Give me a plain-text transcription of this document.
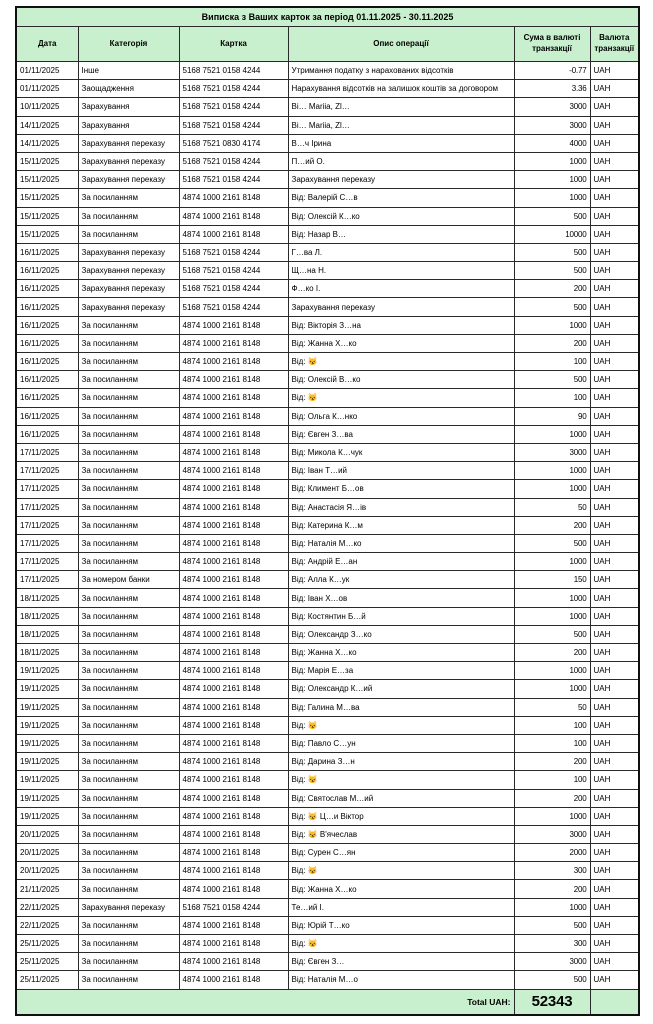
Виписка з Ваших карток за період 01.11.2025 - 30.11.2025					
Дата	Категорія	Картка	Опис операції	Сума в валюті транзакції	Валюта транзакції
01/11/2025	Інше	5168 7521 0158 4244	Утримання податку з нарахованих відсотків	-0.77	UAH
01/11/2025	Заощадження	5168 7521 0158 4244	Нарахування відсотків на залишок коштів за договором	3.36	UAH
10/11/2025	Зарахування	5168 7521 0158 4244	Ві… Mariia, Zl…	3000	UAH
14/11/2025	Зарахування	5168 7521 0158 4244	Ві… Mariia, Zl…	3000	UAH
14/11/2025	Зарахування переказу	5168 7521 0830 4174	В…ч Ірина	4000	UAH
15/11/2025	Зарахування переказу	5168 7521 0158 4244	П…ий О.	1000	UAH
15/11/2025	Зарахування переказу	5168 7521 0158 4244	Зарахування переказу	1000	UAH
15/11/2025	За посиланням	4874 1000 2161 8148	Від: Валерій С…в	1000	UAH
15/11/2025	За посиланням	4874 1000 2161 8148	Від: Олексій К…ко	500	UAH
15/11/2025	За посиланням	4874 1000 2161 8148	Від: Назар В…	10000	UAH
16/11/2025	Зарахування переказу	5168 7521 0158 4244	Г…ва Л.	500	UAH
16/11/2025	Зарахування переказу	5168 7521 0158 4244	Щ…на Н.	500	UAH
16/11/2025	Зарахування переказу	5168 7521 0158 4244	Ф…ко І.	200	UAH
16/11/2025	Зарахування переказу	5168 7521 0158 4244	Зарахування переказу	500	UAH
16/11/2025	За посиланням	4874 1000 2161 8148	Від: Вікторія З…на	1000	UAH
16/11/2025	За посиланням	4874 1000 2161 8148	Від: Жанна Х…ко	200	UAH
16/11/2025	За посиланням	4874 1000 2161 8148	Від: 😼	100	UAH
16/11/2025	За посиланням	4874 1000 2161 8148	Від: Олексій В…ко	500	UAH
16/11/2025	За посиланням	4874 1000 2161 8148	Від: 😼	100	UAH
16/11/2025	За посиланням	4874 1000 2161 8148	Від: Ольга К…нко	90	UAH
16/11/2025	За посиланням	4874 1000 2161 8148	Від: Євген З…ва	1000	UAH
17/11/2025	За посиланням	4874 1000 2161 8148	Від: Микола К…чук	3000	UAH
17/11/2025	За посиланням	4874 1000 2161 8148	Від: Іван Т…ий	1000	UAH
17/11/2025	За посиланням	4874 1000 2161 8148	Від: Климент Б…ов	1000	UAH
17/11/2025	За посиланням	4874 1000 2161 8148	Від: Анастасія Я…ів	50	UAH
17/11/2025	За посиланням	4874 1000 2161 8148	Від: Катерина К…м	200	UAH
17/11/2025	За посиланням	4874 1000 2161 8148	Від: Наталія М…ко	500	UAH
17/11/2025	За посиланням	4874 1000 2161 8148	Від: Андрій Е…ан	1000	UAH
17/11/2025	За номером банки	4874 1000 2161 8148	Від: Алла К…ук	150	UAH
18/11/2025	За посиланням	4874 1000 2161 8148	Від: Іван Х…ов	1000	UAH
18/11/2025	За посиланням	4874 1000 2161 8148	Від: Костянтин Б…й	1000	UAH
18/11/2025	За посиланням	4874 1000 2161 8148	Від: Олександр З…ко	500	UAH
18/11/2025	За посиланням	4874 1000 2161 8148	Від: Жанна Х…ко	200	UAH
19/11/2025	За посиланням	4874 1000 2161 8148	Від: Марія Е…за	1000	UAH
19/11/2025	За посиланням	4874 1000 2161 8148	Від: Олександр К…ий	1000	UAH
19/11/2025	За посиланням	4874 1000 2161 8148	Від: Галина М…ва	50	UAH
19/11/2025	За посиланням	4874 1000 2161 8148	Від: 😼	100	UAH
19/11/2025	За посиланням	4874 1000 2161 8148	Від: Павло С…ун	100	UAH
19/11/2025	За посиланням	4874 1000 2161 8148	Від: Дарина З…н	200	UAH
19/11/2025	За посиланням	4874 1000 2161 8148	Від: 😼	100	UAH
19/11/2025	За посиланням	4874 1000 2161 8148	Від: Святослав М…ий	200	UAH
19/11/2025	За посиланням	4874 1000 2161 8148	Від: 😼 Ц…и Віктор	1000	UAH
20/11/2025	За посиланням	4874 1000 2161 8148	Від: 😼 В'ячеслав	3000	UAH
20/11/2025	За посиланням	4874 1000 2161 8148	Від: Сурен С…ян	2000	UAH
20/11/2025	За посиланням	4874 1000 2161 8148	Від: 😼	300	UAH
21/11/2025	За посиланням	4874 1000 2161 8148	Від: Жанна Х…ко	200	UAH
22/11/2025	Зарахування переказу	5168 7521 0158 4244	Те…ий І.	1000	UAH
22/11/2025	За посиланням	4874 1000 2161 8148	Від: Юрій Т…ко	500	UAH
25/11/2025	За посиланням	4874 1000 2161 8148	Від: 😼	300	UAH
25/11/2025	За посиланням	4874 1000 2161 8148	Від: Євген З…	3000	UAH
25/11/2025	За посиланням	4874 1000 2161 8148	Від: Наталія М…о	500	UAH
Total UAH:				52343	
